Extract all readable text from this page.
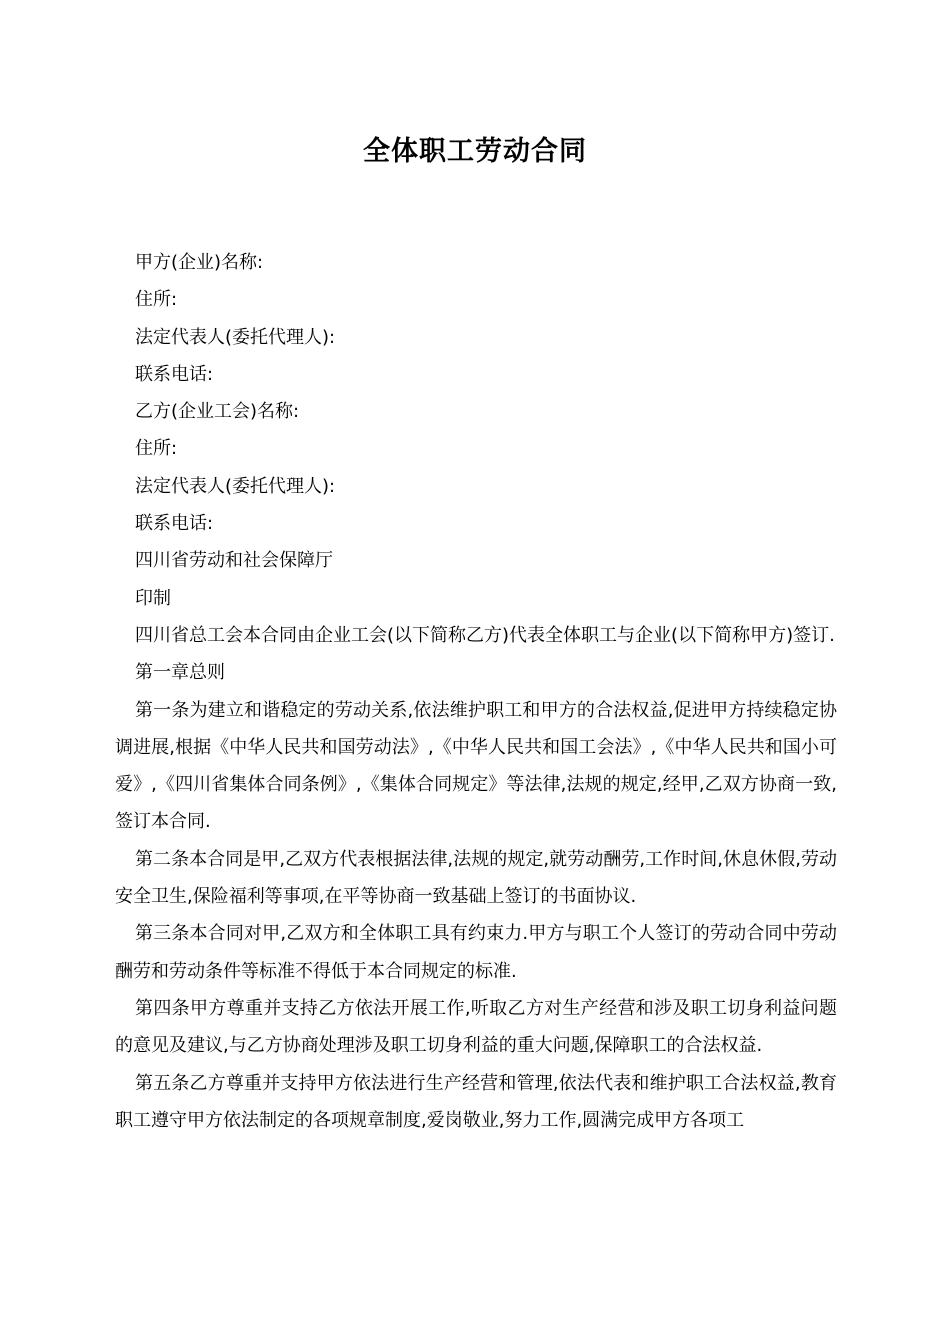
全体职工劳动合同

甲方(企业)名称:

住所:

法定代表人(委托代理人):

联系电话:

乙方(企业工会)名称:

住所:

法定代表人(委托代理人):

联系电话:

四川省劳动和社会保障厅

印制

四川省总工会本合同由企业工会(以下简称乙方)代表全体职工与企业(以下简称甲方)签订.

第一章总则

第一条为建立和谐稳定的劳动关系,依法维护职工和甲方的合法权益,促进甲方持续稳定协调进展,根据《中华人民共和国劳动法》,《中华人民共和国工会法》,《中华人民共和国小可爱》,《四川省集体合同条例》,《集体合同规定》等法律,法规的规定,经甲,乙双方协商一致,签订本合同.

第二条本合同是甲,乙双方代表根据法律,法规的规定,就劳动酬劳,工作时间,休息休假,劳动安全卫生,保险福利等事项,在平等协商一致基础上签订的书面协议.

第三条本合同对甲,乙双方和全体职工具有约束力.甲方与职工个人签订的劳动合同中劳动酬劳和劳动条件等标准不得低于本合同规定的标准.

第四条甲方尊重并支持乙方依法开展工作,听取乙方对生产经营和涉及职工切身利益问题的意见及建议,与乙方协商处理涉及职工切身利益的重大问题,保障职工的合法权益.

第五条乙方尊重并支持甲方依法进行生产经营和管理,依法代表和维护职工合法权益,教育职工遵守甲方依法制定的各项规章制度,爱岗敬业,努力工作,圆满完成甲方各项工
